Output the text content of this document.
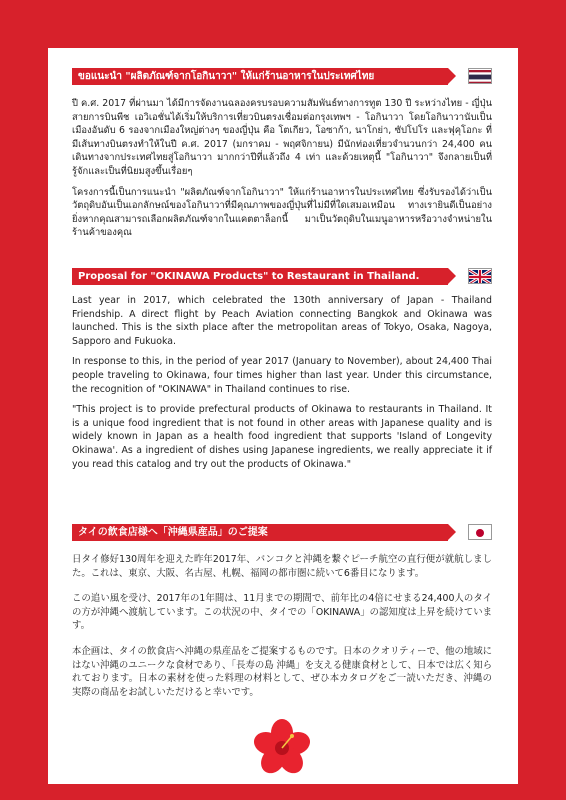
ขอแนะนำ "ผลิตภัณฑ์จากโอกินาวา" ให้แก่ร้านอาหารในประเทศไทย

ปี ค.ศ. 2017 ที่ผ่านมา ได้มีการจัดงานฉลองครบรอบความสัมพันธ์ทางการทูต 130 ปี ระหว่างไทย - ญี่ปุ่น สายการบินพีช เอวิเอชั่นได้เริ่มให้บริการเที่ยวบินตรงเชื่อมต่อกรุงเทพฯ - โอกินาวา โดยโอกินาวานับเป็นเมืองอันดับ 6 รองจากเมืองใหญ่ต่างๆ ของญี่ปุ่น คือ โตเกียว, โอซาก้า, นาโกย่า, ซัปโปโร และฟุคุโอกะ ที่มีเส้นทางบินตรงทำให้ในปี ค.ศ. 2017 (มกราคม - พฤศจิกายน) มีนักท่องเที่ยวจำนวนกว่า 24,400 คน เดินทางจากประเทศไทยสู่โอกินาวา มากกว่าปีที่แล้วถึง 4 เท่า และด้วยเหตุนี้ "โอกินาวา" จึงกลายเป็นที่รู้จักและเป็นที่นิยมสูงขึ้นเรื่อยๆ

โครงการนี้เป็นการแนะนำ "ผลิตภัณฑ์จากโอกินาวา" ให้แก่ร้านอาหารในประเทศไทย ซึ่งรับรองได้ว่าเป็นวัตถุดิบอันเป็นเอกลักษณ์ของโอกินาวาที่มีคุณภาพของญี่ปุ่นที่ไม่มีที่ใดเสมอเหมือน ทางเรายินดีเป็นอย่างยิ่งหากคุณสามารถเลือกผลิตภัณฑ์จากในแคตตาล็อกนี้ มาเป็นวัตถุดิบในเมนูอาหารหรือวางจำหน่ายในร้านค้าของคุณ

Proposal for "OKINAWA Products" to Restaurant in Thailand.

Last year in 2017, which celebrated the 130th anniversary of Japan - Thailand Friendship. A direct flight by Peach Aviation connecting Bangkok and Okinawa was launched. This is the sixth place after the metropolitan areas of Tokyo, Osaka, Nagoya, Sapporo and Fukuoka.

In response to this, in the period of year 2017 (January to November), about 24,400 Thai people traveling to Okinawa, four times higher than last year. Under this circumstance, the recognition of "OKINAWA" in Thailand continues to rise.

"This project is to provide prefectural products of Okinawa to restaurants in Thailand. It is a unique food ingredient that is not found in other areas with Japanese quality and is widely known in Japan as a health food ingredient that supports 'Island of Longevity Okinawa'. As a ingredient of dishes using Japanese ingredients, we really appreciate it if you read this catalog and try out the products of Okinawa."

タイの飲食店様へ「沖縄県産品」のご提案

日タイ修好130周年を迎えた昨年2017年、バンコクと沖縄を繋ぐピーチ航空の直行便が就航しました。これは、東京、大阪、名古屋、札幌、福岡の都市圏に続いて6番目になります。

この追い風を受け、2017年の1年間は、11月までの期間で、前年比の4倍にせまる24,400人のタイの方が沖縄へ渡航しています。この状況の中、タイでの「OKINAWA」の認知度は上昇を続けています。

本企画は、タイの飲食店へ沖縄の県産品をご提案するものです。日本のクオリティーで、他の地域にはない沖縄のユニークな食材であり、「長寿の島 沖縄」を支える健康食材として、日本では広く知られております。日本の素材を使った料理の材料として、ぜひ本カタログをご一読いただき、沖縄の実際の商品をお試しいただけると幸いです。
